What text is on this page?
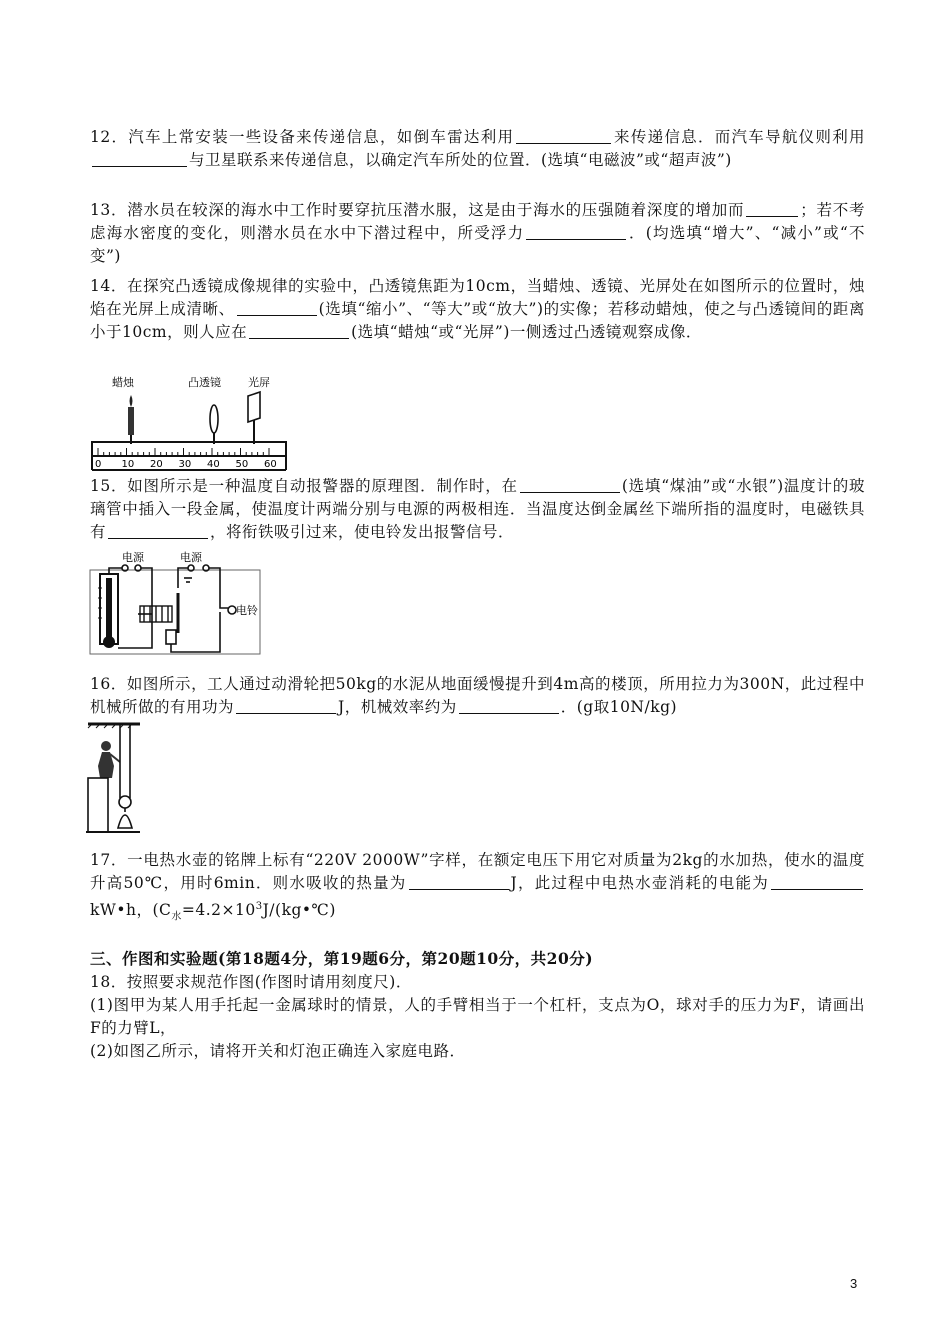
12．汽车上常安装一些设备来传递信息，如倒车雷达利用	来传递信息．而汽车导航仪则利用与卫星联系来传递信息，以确定汽车所处的位置．(选填“电磁波”或“超声波”)

13．潜水员在较深的海水中工作时要穿抗压潜水服，这是由于海水的压强随着深度的增加而	；若不考虑海水密度的变化，则潜水员在水中下潜过程中，所受浮力	．(均选填“增大”、“减小”或“不变”)

14．在探究凸透镜成像规律的实验中，凸透镜焦距为10cm，当蜡烛、透镜、光屏处在如图所示的位置时，烛焰在光屏上成清晰、	(选填“缩小”、“等大”或“放大”)的实像；若移动蜡烛，使之与凸透镜间的距离小于10cm，则人应在	(选填“蜡烛“或“光屏”)一侧透过凸透镜观察成像．

蜡烛	凸透镜 光屏
0 10 20 30 40 50 60

15．如图所示是一种温度自动报警器的原理图．制作时，在	(选填“煤油”或“水银”)温度计的玻璃管中插入一段金属，使温度计两端分别与电源的两极相连．当温度达倒金属丝下端所指的温度时，电磁铁具有	，将衔铁吸引过来，使电铃发出报警信号．

电源	电源
电铃

16．如图所示，工人通过动滑轮把50kg的水泥从地面缓慢提升到4m高的楼顶，所用拉力为300N，此过程中机械所做的有用功为	J，机械效率约为	．(g取10N/kg)

17．一电热水壶的铭牌上标有“220V 2000W”字样，在额定电压下用它对质量为2kg的水加热，使水的温度升高50℃，用时6min．则水吸收的热量为	J，此过程中电热水壶消耗的电能为kW•h，($C_水=4.2\times 10^3J/(kg•℃)$

三、作图和实验题(第18题4分，第19题6分，第20题10分，共20分)

18．按照要求规范作图(作图时请用刻度尺)．

(1)图甲为某人用手托起一金属球时的情景，人的手臂相当于一个杠杆，支点为O，球对手的压力为F，请画出F的力臂L，

(2)如图乙所示，请将开关和灯泡正确连入家庭电路．

3
